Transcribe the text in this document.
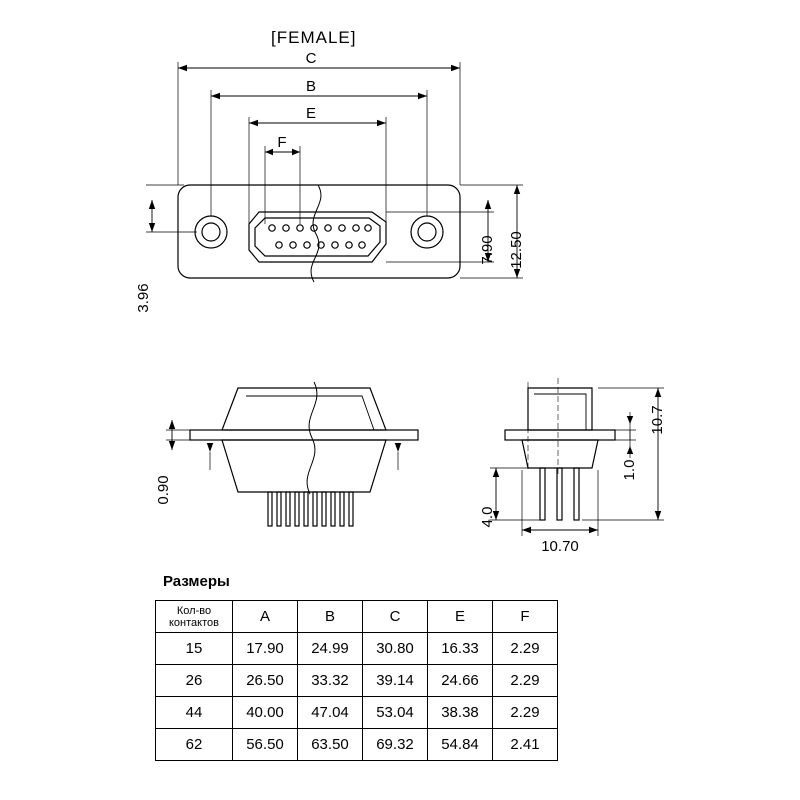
[FEMALE]
C
B
E
F
12.50
7.90
3.96
0.90
10.7
1.0
4.0
10.70
Размеры
Кол-во
контактов	A	B	C	E	F
15	17.90	24.99	30.80	16.33	2.29
26	26.50	33.32	39.14	24.66	2.29
44	40.00	47.04	53.04	38.38	2.29
62	56.50	63.50	69.32	54.84	2.41
